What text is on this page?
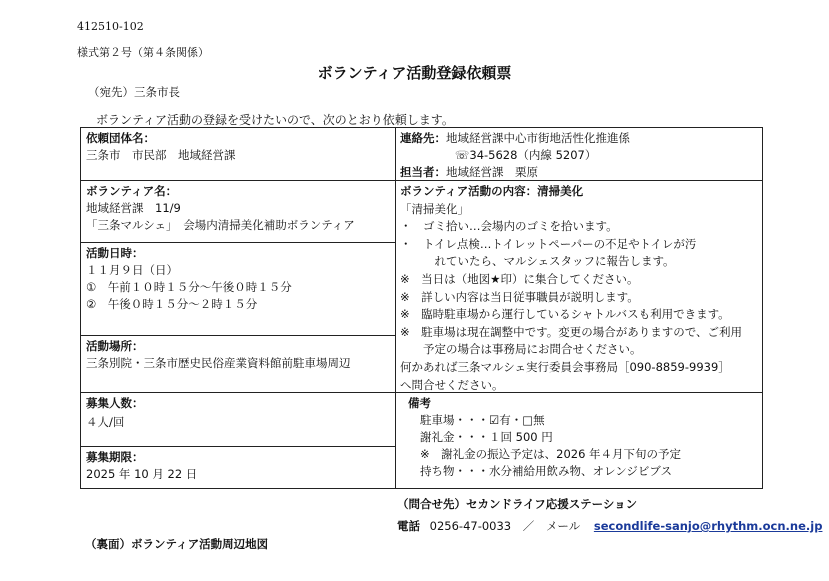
412510-102
様式第２号（第４条関係）
ボランティア活動登録依頼票
（宛先）三条市長
ボランティア活動の登録を受けたいので、次のとおり依頼します。
依頼団体名：
三条市　市民部　地域経営課
連絡先：地域経営課中心市街地活性化推進係
☏34-5628（内線 5207）
担当者：地域経営課　栗原
ボランティア名：
地域経営課　11/9
「三条マルシェ」　会場内清掃美化補助ボランティア
活動日時：
１１月９日（日）
①　午前１０時１５分～午後０時１５分
②　午後０時１５分～２時１５分
活動場所：
三条別院・三条市歴史民俗産業資料館前駐車場周辺
ボランティア活動の内容：清掃美化
「清掃美化」
・　ゴミ拾い…会場内のゴミを拾います。
・　トイレ点検…トイレットペーパーの不足やトイレが汚
　　　れていたら、マルシェスタッフに報告します。
※　当日は（地図★印）に集合してください。
※　詳しい内容は当日従事職員が説明します。
※　臨時駐車場から運行しているシャトルバスも利用できます。
※　駐車場は現在調整中です。変更の場合がありますので、ご利用
　　予定の場合は事務局にお問合せください。
何かあれば三条マルシェ実行委員会事務局［090-8859-9939］
へ問合せください。
募集人数：
４人/回
募集期限：
2025 年 10 月 22 日
備考
駐車場・・・☑有・□無
謝礼金・・・１回 500 円
※　謝礼金の振込予定は、2026 年４月下旬の予定
持ち物・・・水分補給用飲み物、オレンジビブス
（問合せ先）セカンドライフ応援ステーション
電話 0256-47-0033 ／ メール secondlife-sanjo@rhythm.ocn.ne.jp
（裏面）ボランティア活動周辺地図
